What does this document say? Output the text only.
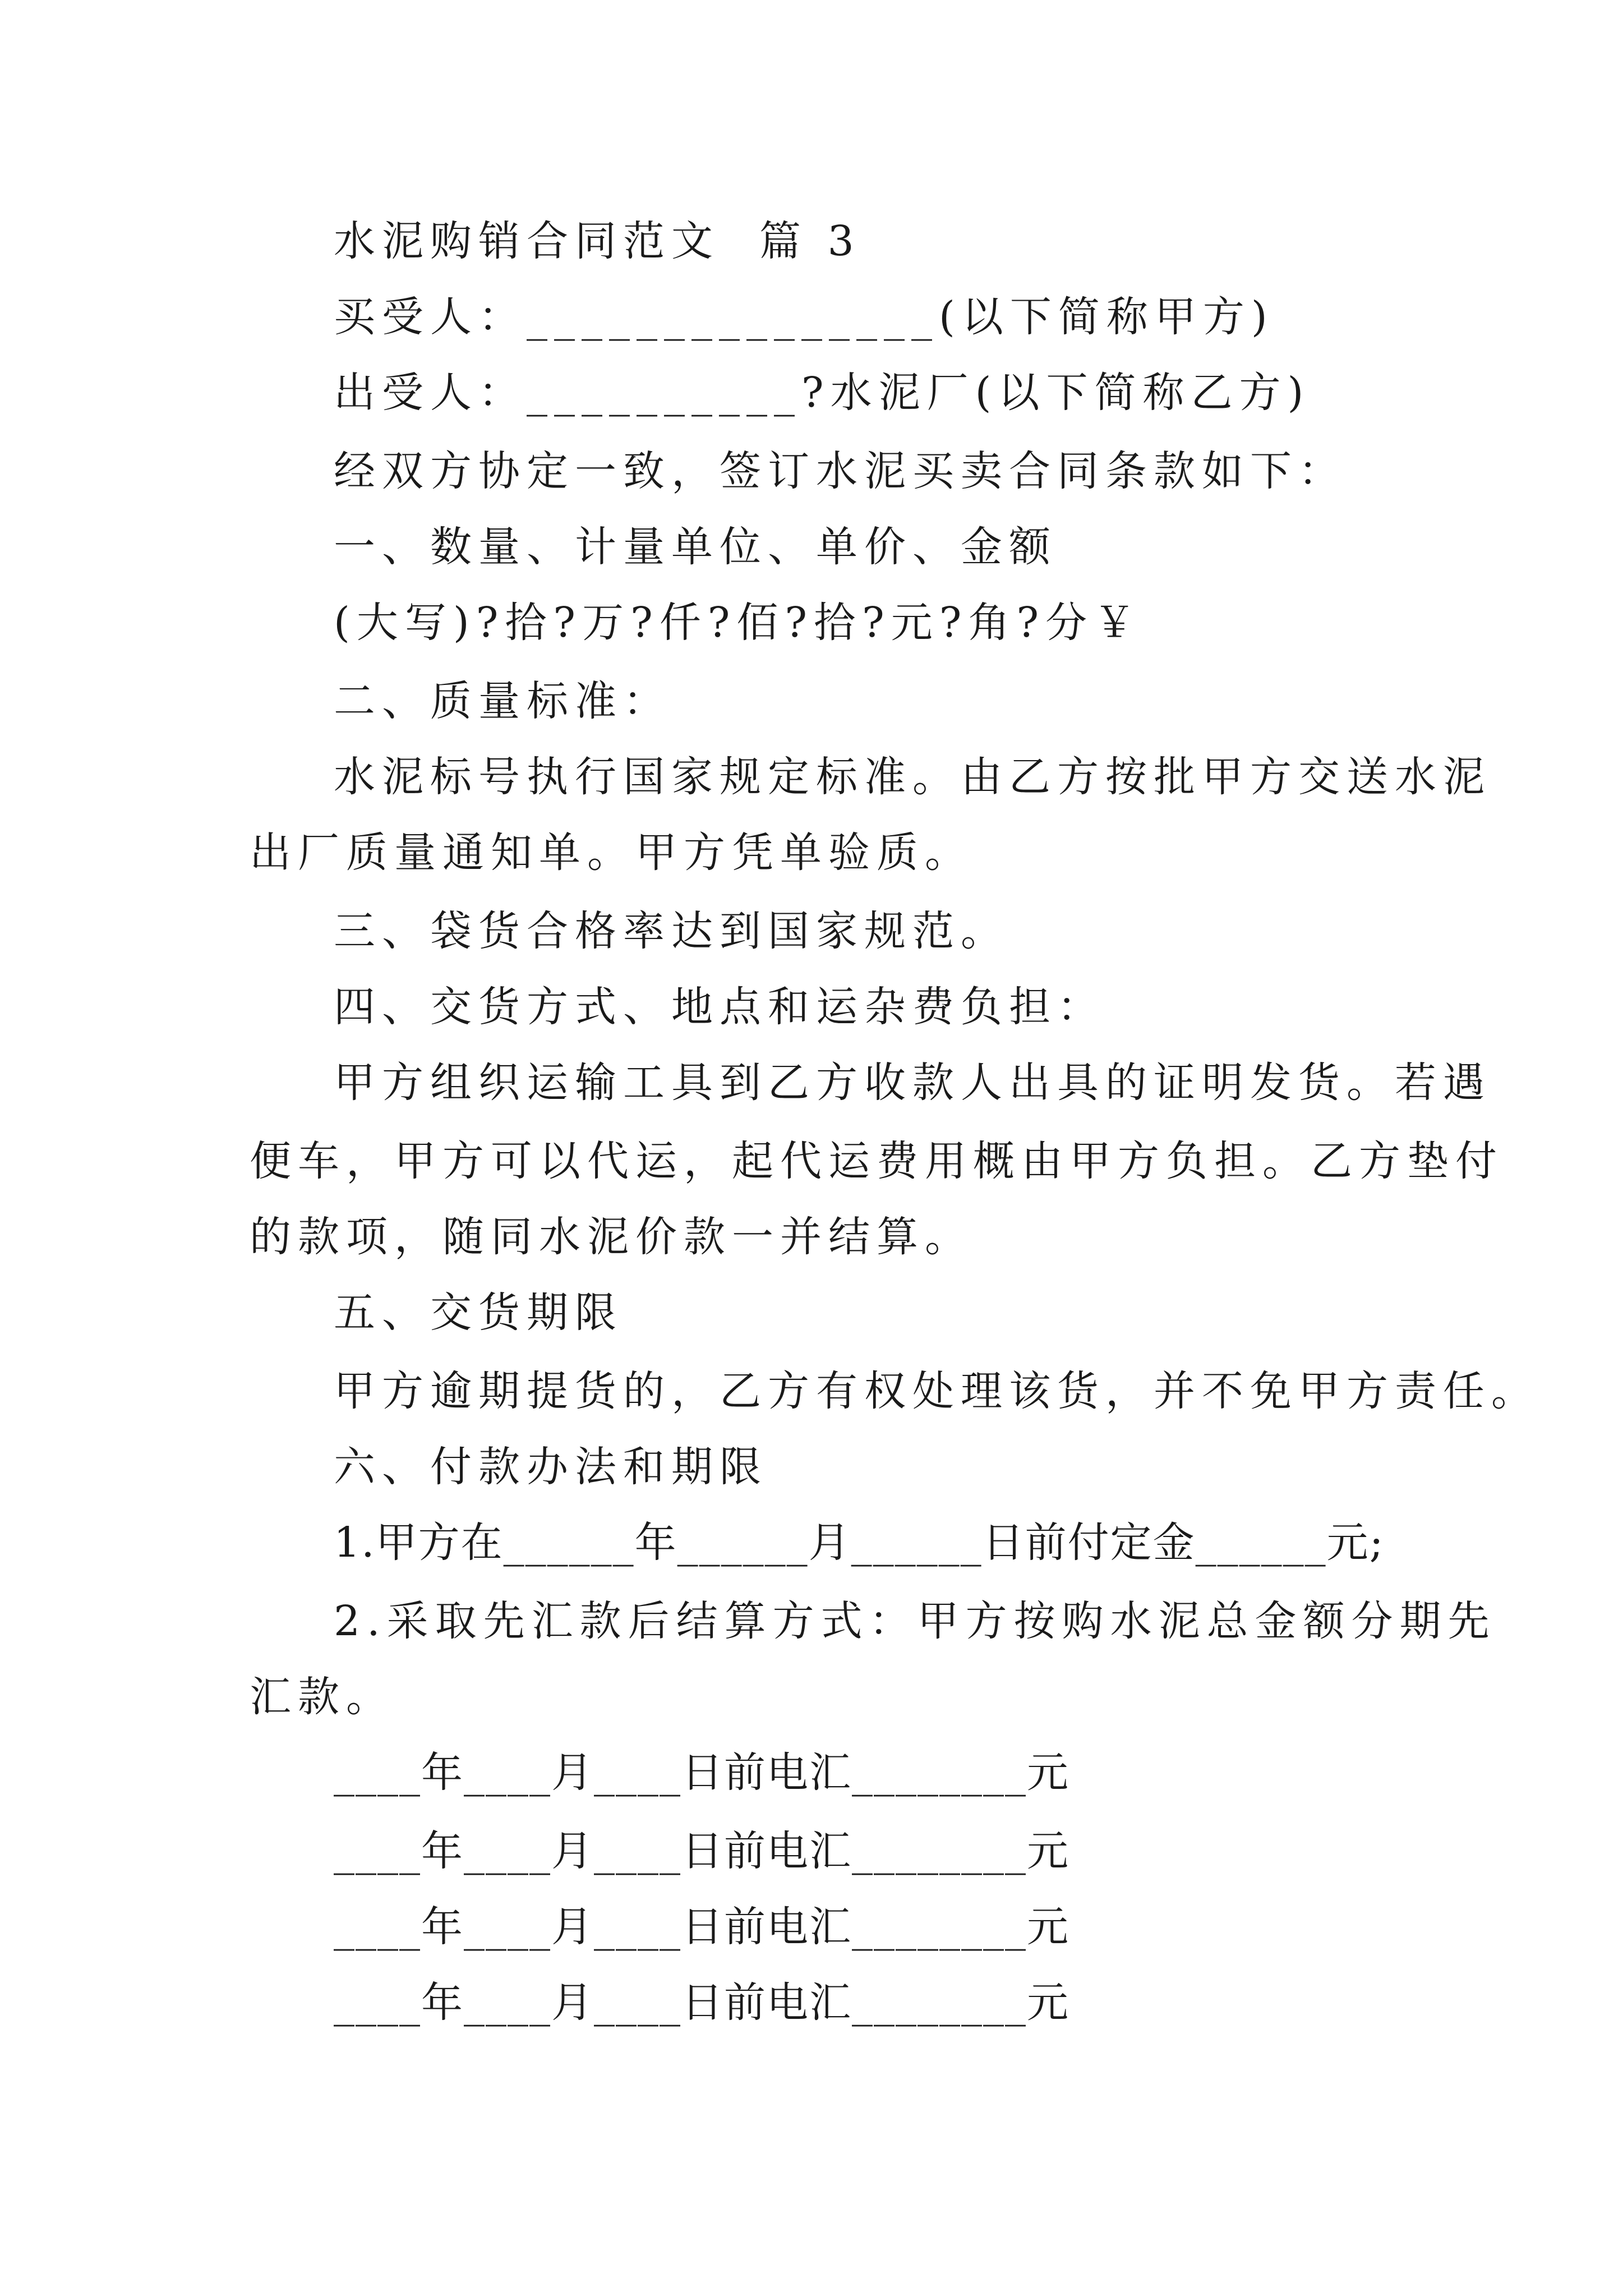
水泥购销合同范文  篇 3
买受人：_______________(以下简称甲方)
出受人：__________?水泥厂(以下简称乙方)
经双方协定一致，签订水泥买卖合同条款如下：
一、数量、计量单位、单价、金额
(大写)?拾?万?仟?佰?拾?元?角?分￥
二、质量标准：
水泥标号执行国家规定标准。由乙方按批甲方交送水泥
出厂质量通知单。甲方凭单验质。
三、袋货合格率达到国家规范。
四、交货方式、地点和运杂费负担：
甲方组织运输工具到乙方收款人出具的证明发货。若遇
便车，甲方可以代运，起代运费用概由甲方负担。乙方垫付
的款项，随同水泥价款一并结算。
五、交货期限
甲方逾期提货的，乙方有权处理该货，并不免甲方责任。
六、付款办法和期限
1.甲方在______年______月______日前付定金______元;
2.采取先汇款后结算方式：甲方按购水泥总金额分期先
汇款。
____年____月____日前电汇________元
____年____月____日前电汇________元
____年____月____日前电汇________元
____年____月____日前电汇________元
